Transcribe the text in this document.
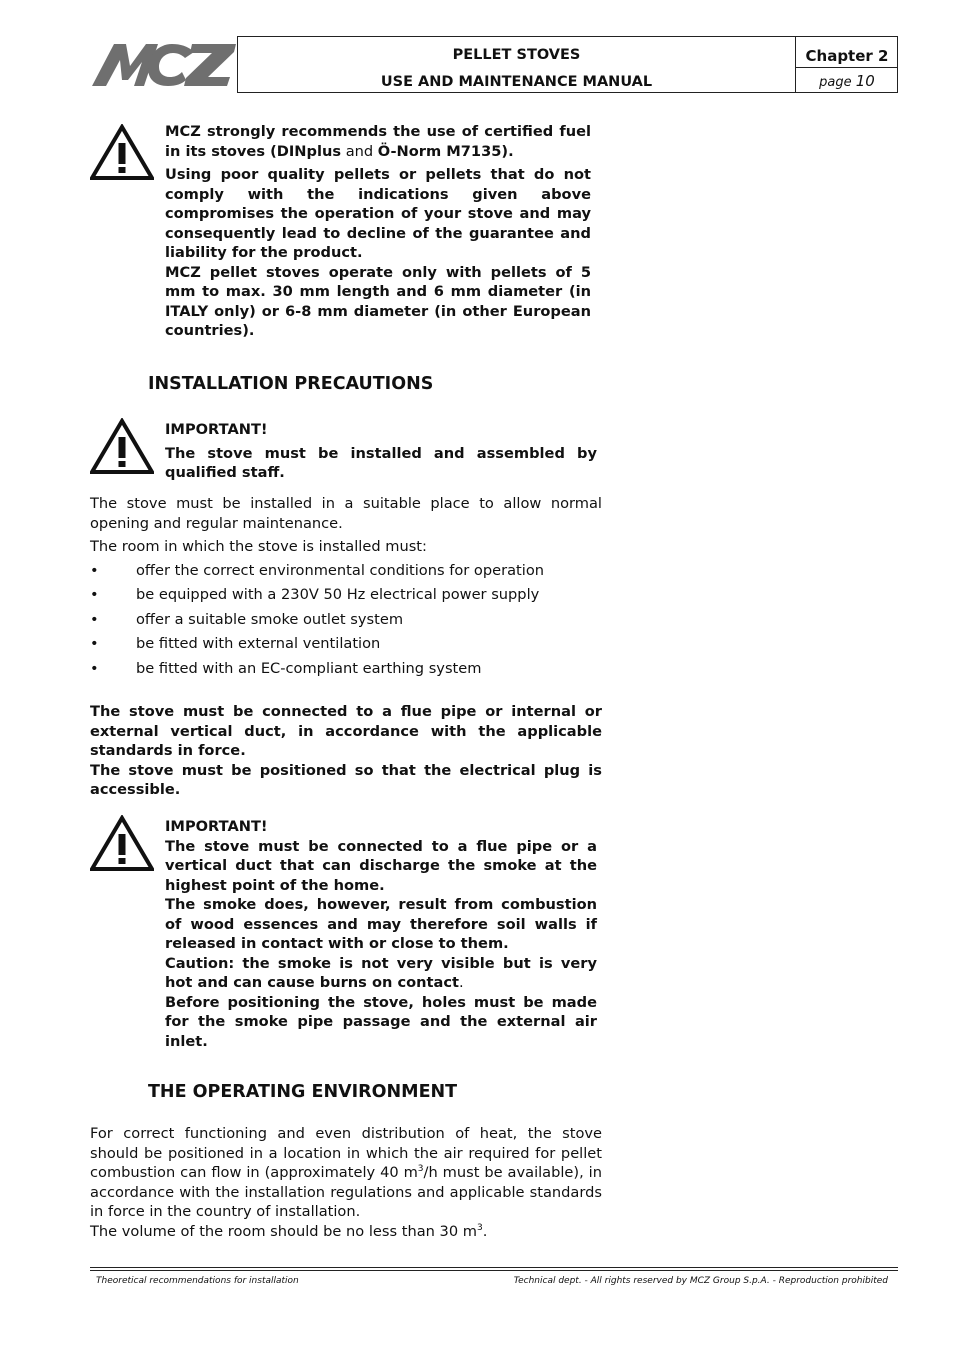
PELLET STOVES
USE AND MAINTENANCE MANUAL
Chapter 2
page 10

MCZ strongly recommends the use of certified fuel in its stoves (DINplus and Ö-Norm M7135).

Using poor quality pellets or pellets that do not comply with the indications given above compromises the operation of your stove and may consequently lead to decline of the guarantee and liability for the product.

MCZ pellet stoves operate only with pellets of 5 mm to max. 30 mm length and 6 mm diameter (in ITALY only) or 6-8 mm diameter (in other European countries).

INSTALLATION PRECAUTIONS

IMPORTANT!

The stove must be installed and assembled by qualified staff.

The stove must be installed in a suitable place to allow normal opening and regular maintenance.
The room in which the stove is installed must:
•	offer the correct environmental conditions for operation
•	be equipped with a 230V 50 Hz electrical power supply
•	offer a suitable smoke outlet system
•	be fitted with external ventilation
•	be fitted with an EC-compliant earthing system

The stove must be connected to a flue pipe or internal or external vertical duct, in accordance with the applicable standards in force.

The stove must be positioned so that the electrical plug is accessible.

IMPORTANT!

The stove must be connected to a flue pipe or a vertical duct that can discharge the smoke at the highest point of the home.

The smoke does, however, result from combustion of wood essences and may therefore soil walls if released in contact with or close to them.

Caution: the smoke is not very visible but is very hot and can cause burns on contact.

Before positioning the stove, holes must be made for the smoke pipe passage and the external air inlet.

THE OPERATING ENVIRONMENT

For correct functioning and even distribution of heat, the stove should be positioned in a location in which the air required for pellet combustion can flow in (approximately 40 $m^3/h$ must be available), in accordance with the installation regulations and applicable standards in force in the country of installation.

The volume of the room should be no less than 30 $m^3$.

Theoretical recommendations for installation	Technical dept. - All rights reserved by MCZ Group S.p.A. - Reproduction prohibited
